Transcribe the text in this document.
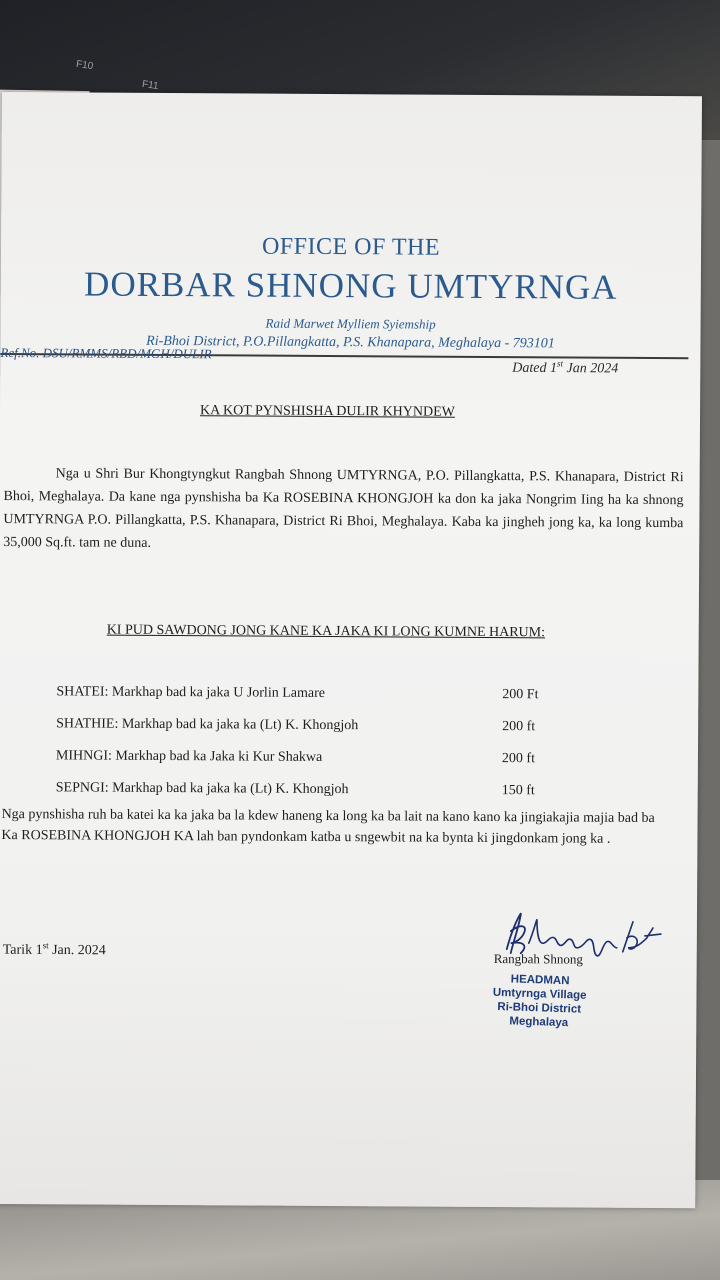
F10
F11
OFFICE OF THE
DORBAR SHNONG UMTYRNGA
Raid Marwet Mylliem Syiemship
Ri-Bhoi District, P.O.Pillangkatta, P.S. Khanapara, Meghalaya - 793101
Ref.No. DSU/RMMS/RBD/MGH/DULIR-
Dated 1st Jan 2024
KA KOT PYNSHISHA DULIR KHYNDEW
Nga u Shri Bur Khongtyngkut Rangbah Shnong UMTYRNGA, P.O. Pillangkatta, P.S. Khanapara, District Ri Bhoi, Meghalaya. Da kane nga pynshisha ba Ka ROSEBINA KHONGJOH ka don ka jaka Nongrim Iing ha ka shnong UMTYRNGA P.O. Pillangkatta, P.S. Khanapara, District Ri Bhoi, Meghalaya. Kaba ka jingheh jong ka, ka long kumba 35,000 Sq.ft. tam ne duna.
KI PUD SAWDONG JONG KANE KA JAKA KI LONG KUMNE HARUM:
SHATEI: Markhap bad ka jaka U Jorlin Lamare	200 Ft
SHATHIE: Markhap bad ka jaka ka (Lt) K. Khongjoh	200 ft
MIHNGI: Markhap bad ka Jaka ki Kur Shakwa	200 ft
SEPNGI: Markhap bad ka jaka ka (Lt) K. Khongjoh	150 ft
Nga pynshisha ruh ba katei ka ka jaka ba la kdew haneng ka long ka ba lait na kano kano ka jingiakajia majia bad ba Ka ROSEBINA KHONGJOH KA lah ban pyndonkam katba u sngewbit na ka bynta ki jingdonkam jong ka .
Tarik 1st Jan. 2024
Rangbah Shnong
HEADMAN
Umtyrnga Village
Ri-Bhoi District
Meghalaya
